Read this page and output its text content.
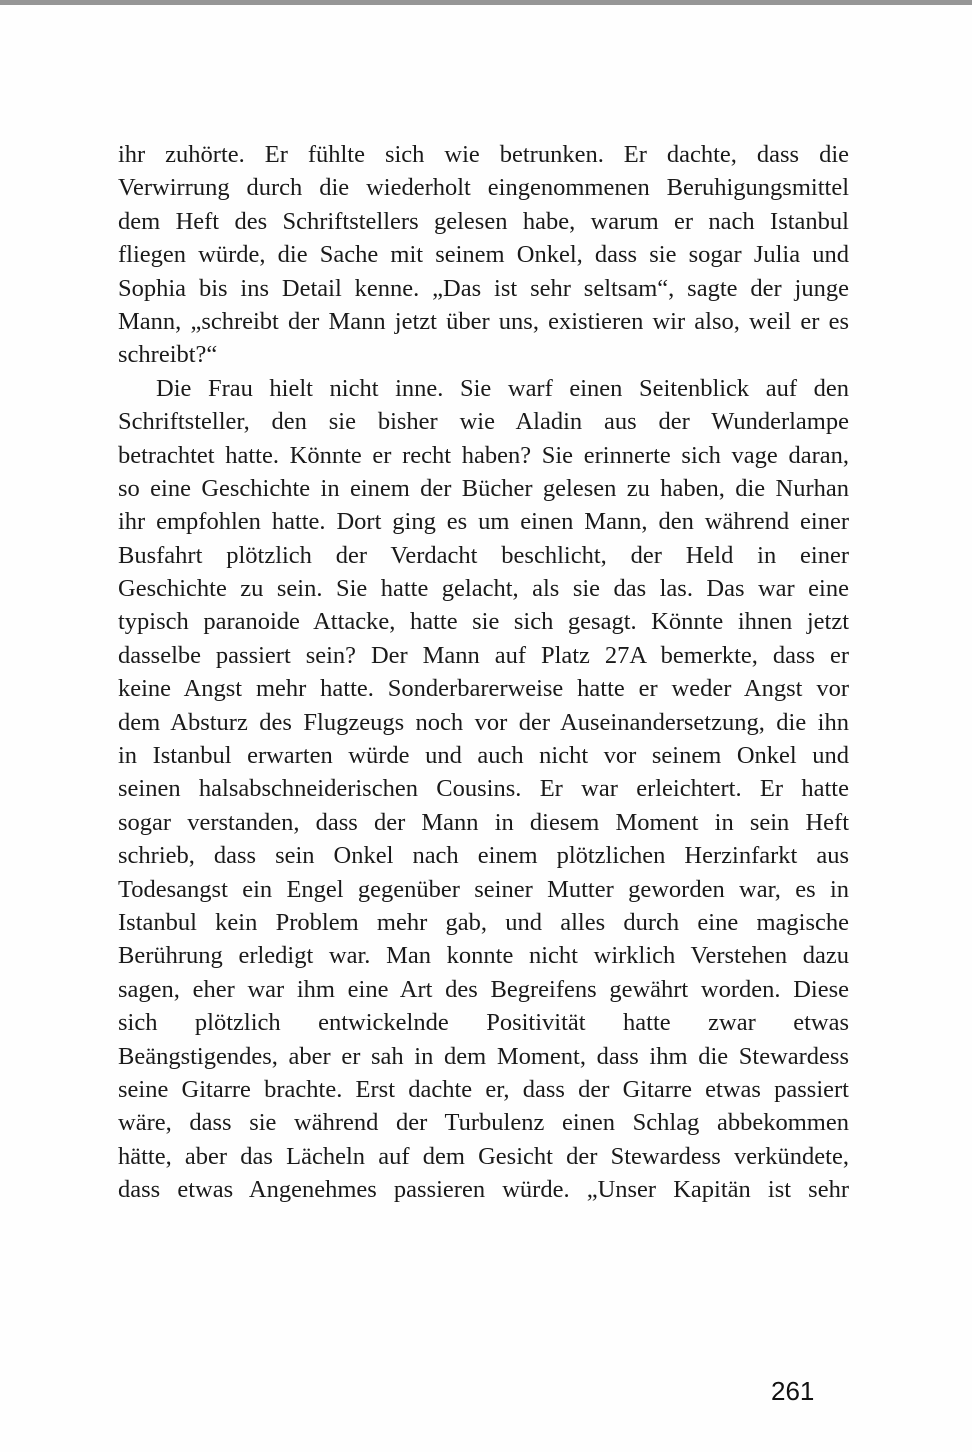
ihr zuhörte. Er fühlte sich wie betrunken. Er dachte, dass die
Verwirrung durch die wiederholt eingenommenen Beruhigungsmittel
dem Heft des Schriftstellers gelesen habe, warum er nach Istanbul
fliegen würde, die Sache mit seinem Onkel, dass sie sogar Julia und
Sophia bis ins Detail kenne. „Das ist sehr seltsam“, sagte der junge
Mann, „schreibt der Mann jetzt über uns, existieren wir also, weil er es
schreibt?“
Die Frau hielt nicht inne. Sie warf einen Seitenblick auf den
Schriftsteller, den sie bisher wie Aladin aus der Wunderlampe
betrachtet hatte. Könnte er recht haben? Sie erinnerte sich vage daran,
so eine Geschichte in einem der Bücher gelesen zu haben, die Nurhan
ihr empfohlen hatte. Dort ging es um einen Mann, den während einer
Busfahrt plötzlich der Verdacht beschlicht, der Held in einer
Geschichte zu sein. Sie hatte gelacht, als sie das las. Das war eine
typisch paranoide Attacke, hatte sie sich gesagt. Könnte ihnen jetzt
dasselbe passiert sein? Der Mann auf Platz 27A bemerkte, dass er
keine Angst mehr hatte. Sonderbarerweise hatte er weder Angst vor
dem Absturz des Flugzeugs noch vor der Auseinandersetzung, die ihn
in Istanbul erwarten würde und auch nicht vor seinem Onkel und
seinen halsabschneiderischen Cousins. Er war erleichtert. Er hatte
sogar verstanden, dass der Mann in diesem Moment in sein Heft
schrieb, dass sein Onkel nach einem plötzlichen Herzinfarkt aus
Todesangst ein Engel gegenüber seiner Mutter geworden war, es in
Istanbul kein Problem mehr gab, und alles durch eine magische
Berührung erledigt war. Man konnte nicht wirklich Verstehen dazu
sagen, eher war ihm eine Art des Begreifens gewährt worden. Diese
sich plötzlich entwickelnde Positivität hatte zwar etwas
Beängstigendes, aber er sah in dem Moment, dass ihm die Stewardess
seine Gitarre brachte. Erst dachte er, dass der Gitarre etwas passiert
wäre, dass sie während der Turbulenz einen Schlag abbekommen
hätte, aber das Lächeln auf dem Gesicht der Stewardess verkündete,
dass etwas Angenehmes passieren würde. „Unser Kapitän ist sehr
261
